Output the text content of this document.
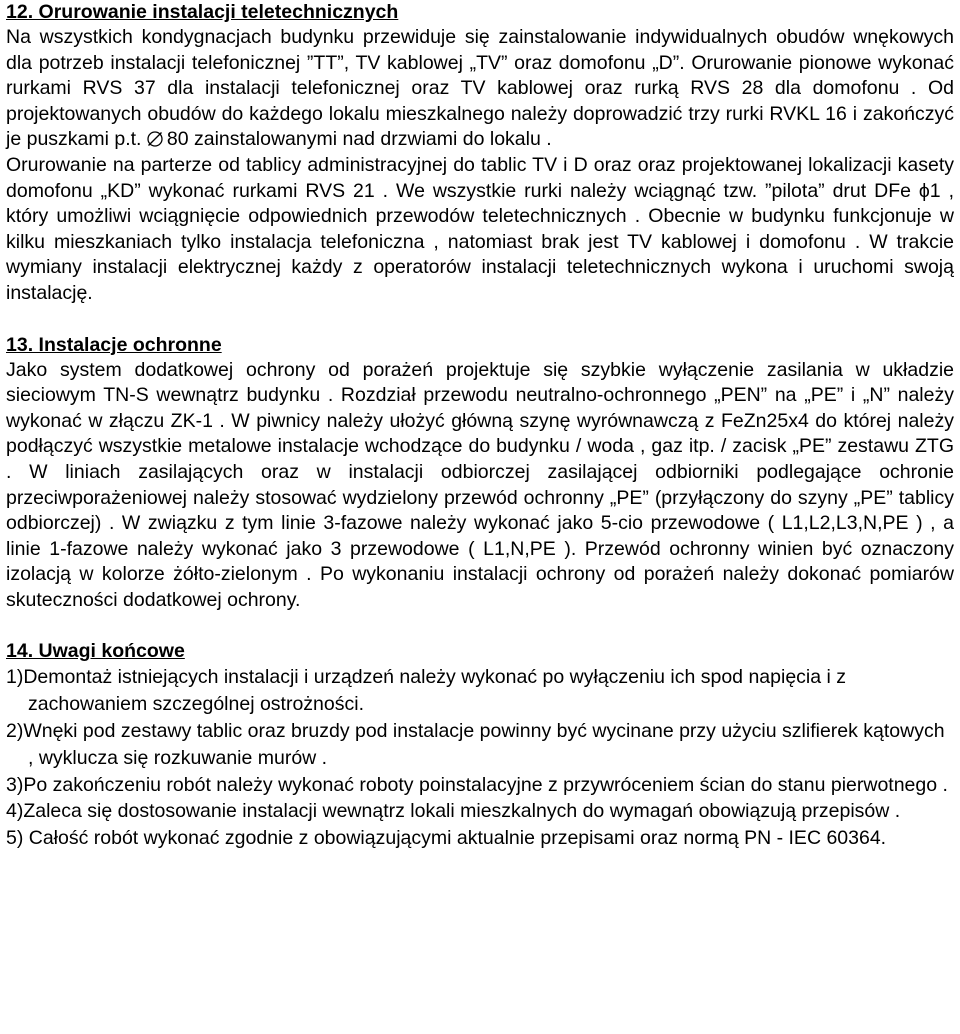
12. Orurowanie instalacji teletechnicznych

Na wszystkich kondygnacjach budynku przewiduje się zainstalowanie indywidualnych obudów wnękowych dla potrzeb instalacji telefonicznej ”TT”, TV kablowej „TV” oraz domofonu „D”. Orurowanie pionowe wykonać rurkami RVS 37 dla instalacji telefonicznej oraz TV kablowej oraz rurką RVS 28 dla domofonu . Od projektowanych obudów do każdego lokalu mieszkalnego należy doprowadzić trzy rurki RVKL 16 i zakończyć je puszkami p.t. 80 zainstalowanymi nad drzwiami do lokalu .

Orurowanie na parterze od tablicy administracyjnej do tablic TV i D oraz oraz projektowanej lokalizacji kasety domofonu „KD” wykonać rurkami RVS 21 . We wszystkie rurki należy wciągnąć tzw. ”pilota” drut DFe ϕ1 , który umożliwi wciągnięcie odpowiednich przewodów teletechnicznych . Obecnie w budynku funkcjonuje w kilku mieszkaniach tylko instalacja telefoniczna , natomiast brak jest TV kablowej i domofonu . W trakcie wymiany instalacji elektrycznej każdy z operatorów instalacji teletechnicznych wykona i uruchomi swoją instalację.

13. Instalacje ochronne

Jako system dodatkowej ochrony od porażeń projektuje się szybkie wyłączenie zasilania w układzie sieciowym TN-S wewnątrz budynku . Rozdział przewodu neutralno-ochronnego „PEN” na „PE” i „N” należy wykonać w złączu ZK-1 . W piwnicy należy ułożyć główną szynę wyrównawczą z FeZn25x4 do której należy podłączyć wszystkie metalowe instalacje wchodzące do budynku / woda , gaz itp. / zacisk „PE” zestawu ZTG . W liniach zasilających oraz w instalacji odbiorczej zasilającej odbiorniki podlegające ochronie przeciwporażeniowej należy stosować wydzielony przewód ochronny „PE” (przyłączony do szyny „PE” tablicy odbiorczej) . W związku z tym linie 3-fazowe należy wykonać jako 5-cio przewodowe ( L1,L2,L3,N,PE ) , a linie 1-fazowe należy wykonać jako 3 przewodowe ( L1,N,PE ). Przewód ochronny winien być oznaczony izolacją w kolorze żółto-zielonym . Po wykonaniu instalacji ochrony od porażeń należy dokonać pomiarów skuteczności dodatkowej ochrony.

14. Uwagi końcowe
1)Demontaż istniejących instalacji i urządzeń należy wykonać po wyłączeniu ich spod napięcia i z zachowaniem szczególnej ostrożności.
2)Wnęki pod zestawy tablic oraz bruzdy pod instalacje powinny być wycinane przy użyciu szlifierek kątowych , wyklucza się rozkuwanie murów .
3)Po zakończeniu robót należy wykonać roboty poinstalacyjne z przywróceniem ścian do stanu pierwotnego .
4)Zaleca się dostosowanie instalacji wewnątrz lokali mieszkalnych do wymagań obowiązują przepisów .
5) Całość robót wykonać zgodnie z obowiązującymi aktualnie przepisami oraz normą PN - IEC 60364.
